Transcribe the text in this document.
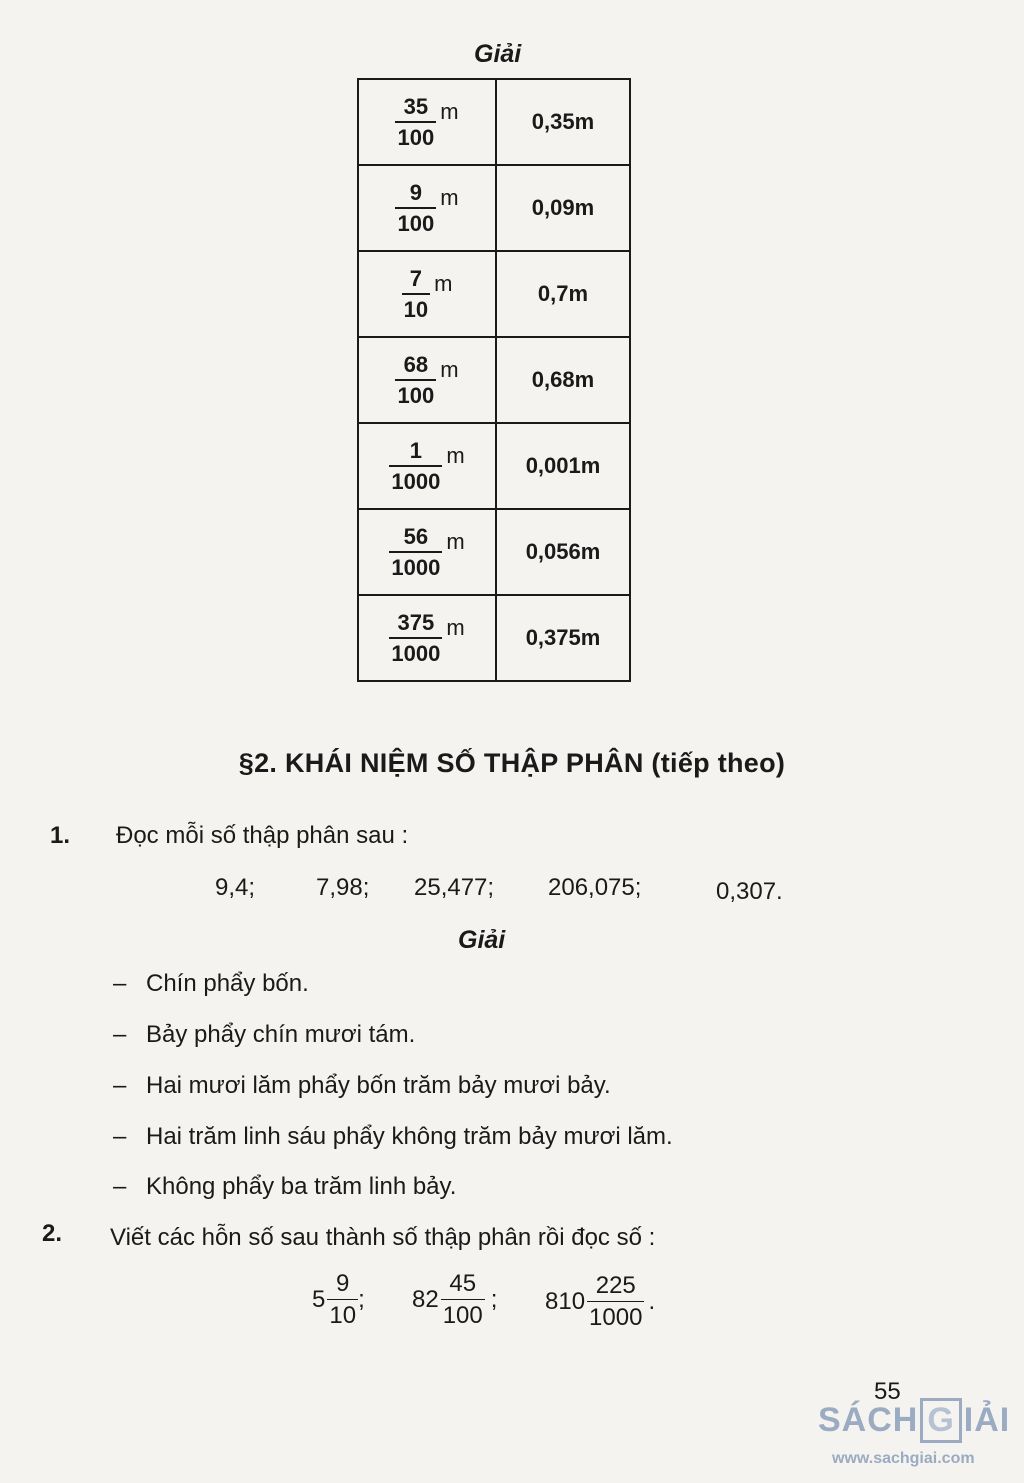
Giải
$\frac{35}{100}$ m	0,35m

$\frac{9}{100}$ m	0,09m

$\frac{7}{10}$ m	0,7m

$\frac{68}{100}$ m	0,68m

$\frac{1}{1000}$ m	0,001m

$\frac{56}{1000}$ m	0,056m

$\frac{375}{1000}$ m	0,375m
§2. KHÁI NIỆM SỐ THẬP PHÂN (tiếp theo)
1. Đọc mỗi số thập phân sau :
9,4;	7,98; 25,477; 206,075;	0,307.
Giải
– Chín phẩy bốn.
– Bảy phẩy chín mươi tám.
– Hai mươi lăm phẩy bốn trăm bảy mươi bảy.
– Hai trăm linh sáu phẩy không trăm bảy mươi lăm.
– Không phẩy ba trăm linh bảy.
2. Viết các hỗn số sau thành số thập phân rồi đọc số :
$5 \frac{9}{10}$ ; $82 \frac{45}{100}$ ; $810 \frac{225}{1000}$ .
55
SÁCH G IẢI
www.sachgiai.com
